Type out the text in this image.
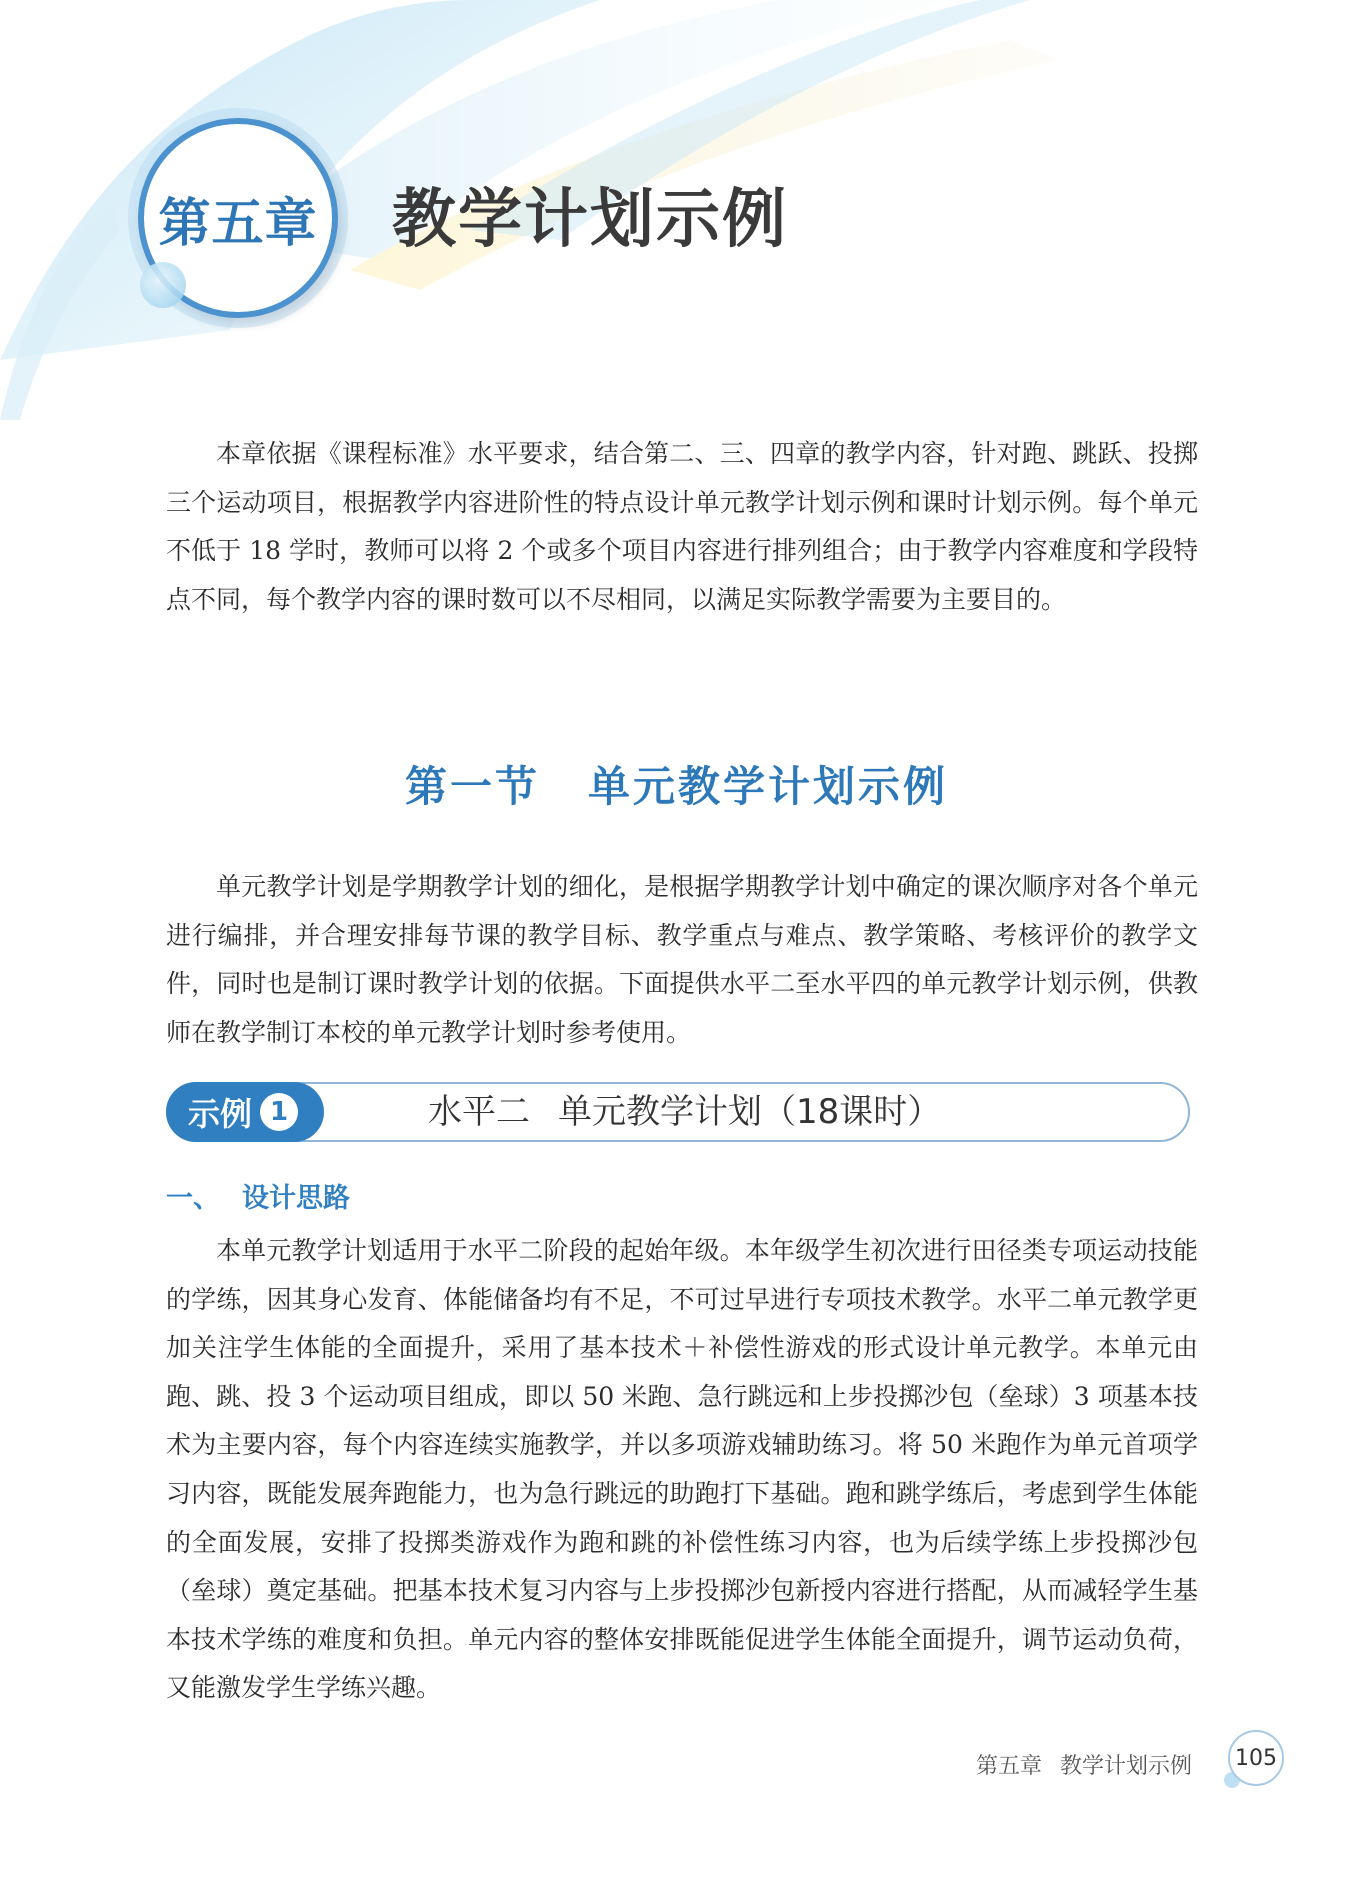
第五章 教学计划示例

本章依据《课程标准》水平要求，结合第二、三、四章的教学内容，针对跑、跳跃、投掷三个运动项目，根据教学内容进阶性的特点设计单元教学计划示例和课时计划示例。每个单元不低于 18 学时，教师可以将 2 个或多个项目内容进行排列组合；由于教学内容难度和学段特点不同，每个教学内容的课时数可以不尽相同，以满足实际教学需要为主要目的。

第一节 单元教学计划示例

单元教学计划是学期教学计划的细化，是根据学期教学计划中确定的课次顺序对各个单元进行编排，并合理安排每节课的教学目标、教学重点与难点、教学策略、考核评价的教学文件，同时也是制订课时教学计划的依据。下面提供水平二至水平四的单元教学计划示例，供教师在教学制订本校的单元教学计划时参考使用。

示例 1	水平二 单元教学计划（18课时）
一、 设计思路

本单元教学计划适用于水平二阶段的起始年级。本年级学生初次进行田径类专项运动技能的学练，因其身心发育、体能储备均有不足，不可过早进行专项技术教学。水平二单元教学更加关注学生体能的全面提升，采用了基本技术＋补偿性游戏的形式设计单元教学。本单元由跑、跳、投 3 个运动项目组成，即以 50 米跑、急行跳远和上步投掷沙包（垒球）3 项基本技术为主要内容，每个内容连续实施教学，并以多项游戏辅助练习。将 50 米跑作为单元首项学习内容，既能发展奔跑能力，也为急行跳远的助跑打下基础。跑和跳学练后，考虑到学生体能的全面发展，安排了投掷类游戏作为跑和跳的补偿性练习内容，也为后续学练上步投掷沙包（垒球）奠定基础。把基本技术复习内容与上步投掷沙包新授内容进行搭配，从而减轻学生基本技术学练的难度和负担。单元内容的整体安排既能促进学生体能全面提升，调节运动负荷，又能激发学生学练兴趣。

第五章 教学计划示例	105
